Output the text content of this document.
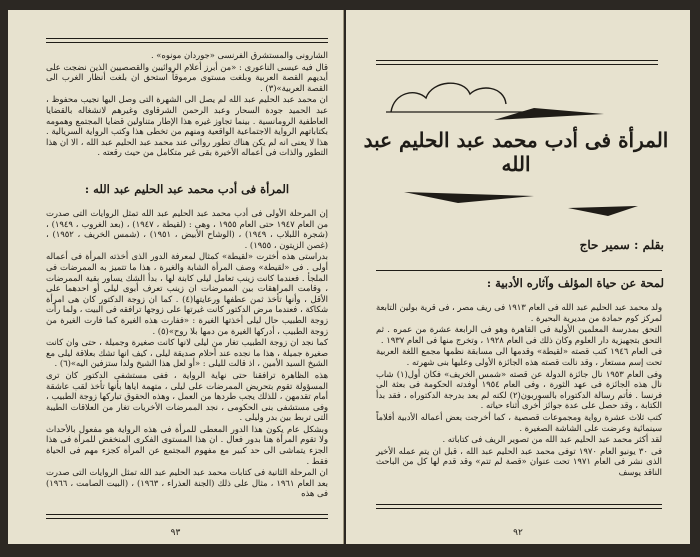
الشارونى والمستشرق الفرنسى «جوردان مونوه» .

قال فيه عيسى الناعورى : «من أبرز أعلام الروائيين والقصصيين الذين نضجت على أيديهم القصة العربية وبلغت مستوى مرموقاً استحق ان بلغت أنظار الغرب الى القصة العربية»(٣) .

ان محمد عبد الحليم عبد الله لم يصل الى الشهرة التى وصل اليها نجيب محفوظ ، عبد الحميد جودة السحار وعبد الرحمن الشرقاوى وغيرهم لانشغاله بالقضايا العاطفية الرومانسية . بينما تجاوز غيره هذا الإطار متناولين قضايا المجتمع وهمومه بكتاباتهم الرواية الاجتماعية الواقعية ومنهم من تخطى هذا وكتب الرواية السريالية . هذا لا يعنى انه لم يكن هناك تطور روائى عند محمد عبد الحليم عبد الله ، الا ان هذا التطور والذات فى أعماله الأخيرة بقى غير متكامل من حيث رقعته .

المرأة فى أدب محمد عبد الحليم عبد الله :

إن المرحلة الأولى فى أدب محمد عبد الحليم عبد الله تمثل الروايات التى صدرت من العام ١٩٤٧ حتى العام ١٩٥٥ ، وهى : (لقيطة ، ١٩٤٧) ، (بعد الغروب ، ١٩٤٩) ، (شجرة اللبلاب ، ١٩٤٩) ، (الوشاح الأبيض ، ١٩٥١) ، (شمس الخريف ، ١٩٥٢) ، (غصن الزيتون ، ١٩٥٥) .

بدراستى هذه أخترت «لقيطة» كمثال لمعرفة الدور الذى أخذته المرأة فى أعماله أولى . فى «لقيطة» وصف المرأة الشابة والغيرة ، هذا ما تتميز به الممرضات فى الملجأ . فعندما كانت زينب تعامل ليلى كابنة لها ، بدأ الشك يساور بقية الممرضات ، وقامت المراهقات بين الممرضات ان زينب تعرف أبوى ليلى أو احدهما على الأقل ، وأنها تأخذ ثمن عطفها ورعايتها(٤) . كما ان زوجة الدكتور كان هى امرأة شكاكة ، فعندما مرض الدكتور كانت غيرتها على زوجها ترافقه فى البيت ، ولما رأت زوجة الطبيب حال ليلى أخذتها الغيرة : «ففارت هذه الغيرة كما فارت الغيرة من زوجة الطبيب ، أدركها الغيرة من دمها بلا روح»(٥) .

كما نجد ان زوجة الطبيب تغار من ليلى لانها كانت صغيرة وجميلة ، حتى وان كانت صغيرة جميلة ، هذا ما نجده عند أحلام صديقة ليلى ، كيف انها تشك بعلاقة ليلى مع الشيخ السيد الأمين ، اذ قالت لليلى : «أو لعل هذا الشيخ ولدا ستزفين اليه»(٦) .

هذه الظاهرة ترافقنا حتى نهاية الرواية ، ففى مستشفى الدكتور كان ترى المسؤولة تقوم بتحريض الممرضات على ليلى ، متهمة اياها بأنها تأخذ لقب عاشقة أمام تقدمهن ، للذلك يجب طردها من العمل ، وهذه الحقوق تباركها زوجة الطبيب ، وفى مستشفى بنى الحكومى ، نجد الممرضات الأخريات تغار من العلاقات الطيبة التى تربط بين بدر وليلى .

وبشكل عام يكون هذا الدور المعطى للمرأة فى هذه الرواية هو مفعول بالأحداث ولا تقوم المرأة هنا بدور فعال . ان هذا المستوى الفكرى المنخفض للمرأة فى هذا الجزء يتماشى الى حد كبير مع مفهوم المجتمع عن المرأة كجزء مهم فى الحياة فقط .

ان المرحلة الثانية فى كتابات محمد عبد الحليم عبد الله تمثل الروايات التى صدرت بعد العام ١٩٦١ ، مثال على ذلك (الجنة العذراء ، ١٩٦٣) ، (البيت الصامت ، ١٩٦٦) فى هذه

٩٣
المرأة فى أدب محمد عبد الحليم عبد الله
بقلم : سمير حاج
لمحة عن حياة المؤلف وآثاره الأدبية :

ولد محمد عبد الحليم عبد الله فى العام ١٩١٣ فى ريف مصر ، فى قرية بولين التابعة لمركز كوم حمادة من مديرية البحيرة .

التحق بمدرسة المعلمين الأولية فى القاهرة وهو فى الرابعة عشرة من عمره . ثم التحق بتجهيزية دار العلوم وكان ذلك فى العام ١٩٢٨ ، وتخرج منها فى العام ١٩٣٧ .

فى العام ١٩٤٦ كتب قصته «لقيطة» وقدمها الى مسابقة نظمها مجمع اللغة العربية تحت إسم مستعار ، وقد نالت قصته هذه الجائزة الأولى وعليها بنى شهرته .

وفى العام ١٩٥٣ نال جائزة الدولة عن قصته «شمس الخريف» فكان أول(١) شاب نال هذه الجائزة فى عهد الثورة ، وفى العام ١٩٥٤ أوفدته الحكومة فى بعثة الى فرنسا . فأتم رسالة الدكتوراه بالسوربون(٢) لكنه لم يعد بدرجة الدكتوراه ، فقد بدأ الكتابة ، وقد حصل على عدة جوائز أخرى أثناء حياته .

كتب ثلاث عشرة رواية ومجموعات قصصية ، كما أخرجت بعض أعماله الأدبية أفلاماً سينمائية وعرضت على الشاشة الصغيرة .

لقد أكثر محمد عبد الحليم عبد الله من تصوير الريف فى كتاباته .

فى ٣٠ يونيو العام ١٩٧٠ توفى محمد عبد الحليم عبد الله ، قبل ان يتم عمله الأخير الذى نشر فى العام ١٩٧١ تحت عنوان «قصة لم تتم» وقد قدم لها كل من الباحث الناقد يوسف

٩٢
